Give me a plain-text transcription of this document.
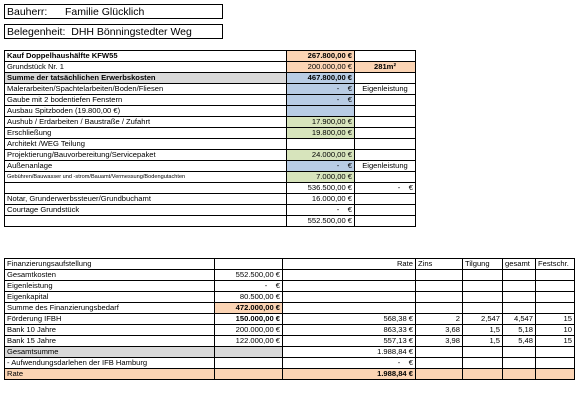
Bauherr: Familie Glücklich
Belegenheit: DHH Bönningstedter Weg
Kauf Doppelhaushälfte KFW55	267.800,00 €	
Grundstück Nr. 1	200.000,00 €	281m²
Summe der tatsächlichen Erwerbskosten	467.800,00 €	
Malerarbeiten/Spachtelarbeiten/Boden/Fliesen	- €	Eigenleistung
Gaube mit 2 bodentiefen Fenstern	- €	
Ausbau Spitzboden (19.800,00 €)		
Aushub / Erdarbeiten / Baustraße / Zufahrt	17.900,00 €	
Erschließung	19.800,00 €	
Architekt /WEG Teilung		
Projektierung/Bauvorbereitung/Servicepaket	24.000,00 €	
Außenanlage	- €	Eigenleistung
Gebühren/Bauwasser und -strom/Bauamt/Vermessung/Bodengutachten	7.000,00 €	
	536.500,00 €	- €
Notar, Grunderwerbssteuer/Grundbuchamt	16.000,00 €	
Courtage Grundstück	- €	
	552.500,00 €	
Finanzierungsaufstellung		Rate	Zins	Tilgung	gesamt	Festschr.
Gesamtkosten	552.500,00 €					
Eigenleistung	- €					
Eigenkapital	80.500,00 €					
Summe des Finanzierungsbedarf	472.000,00 €					
Förderung IFBH	150.000,00 €	568,38 €	2	2,547	4,547	15
Bank 10 Jahre	200.000,00 €	863,33 €	3,68	1,5	5,18	10
Bank 15 Jahre	122.000,00 €	557,13 €	3,98	1,5	5,48	15
Gesamtsumme		1.988,84 €				
- Aufwendungsdarlehen der IFB Hamburg		- €				
Rate		1.988,84 €				
